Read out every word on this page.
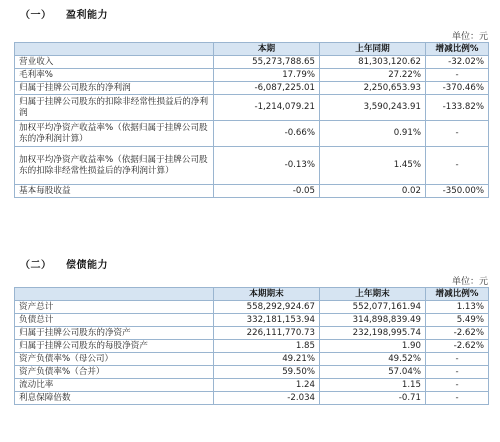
（一） 盈利能力
单位：元
	本期	上年同期	增减比例%
营业收入	55,273,788.65	81,303,120.62	-32.02%
毛利率%	17.79%	27.22%	-
归属于挂牌公司股东的净利润	-6,087,225.01	2,250,653.93	-370.46%
归属于挂牌公司股东的扣除非经常性损益后的净利润	-1,214,079.21	3,590,243.91	-133.82%
加权平均净资产收益率%（依据归属于挂牌公司股东的净利润计算）	-0.66%	0.91%	-
加权平均净资产收益率%（依据归属于挂牌公司股东的扣除非经常性损益后的净利润计算）	-0.13%	1.45%	-
基本每股收益	-0.05	0.02	-350.00%
（二） 偿债能力
单位：元
	本期期末	上年期末	增减比例%
资产总计	558,292,924.67	552,077,161.94	1.13%
负债总计	332,181,153.94	314,898,839.49	5.49%
归属于挂牌公司股东的净资产	226,111,770.73	232,198,995.74	-2.62%
归属于挂牌公司股东的每股净资产	1.85	1.90	-2.62%
资产负债率%（母公司）	49.21%	49.52%	-
资产负债率%（合并）	59.50%	57.04%	-
流动比率	1.24	1.15	-
利息保障倍数	-2.034	-0.71	-
